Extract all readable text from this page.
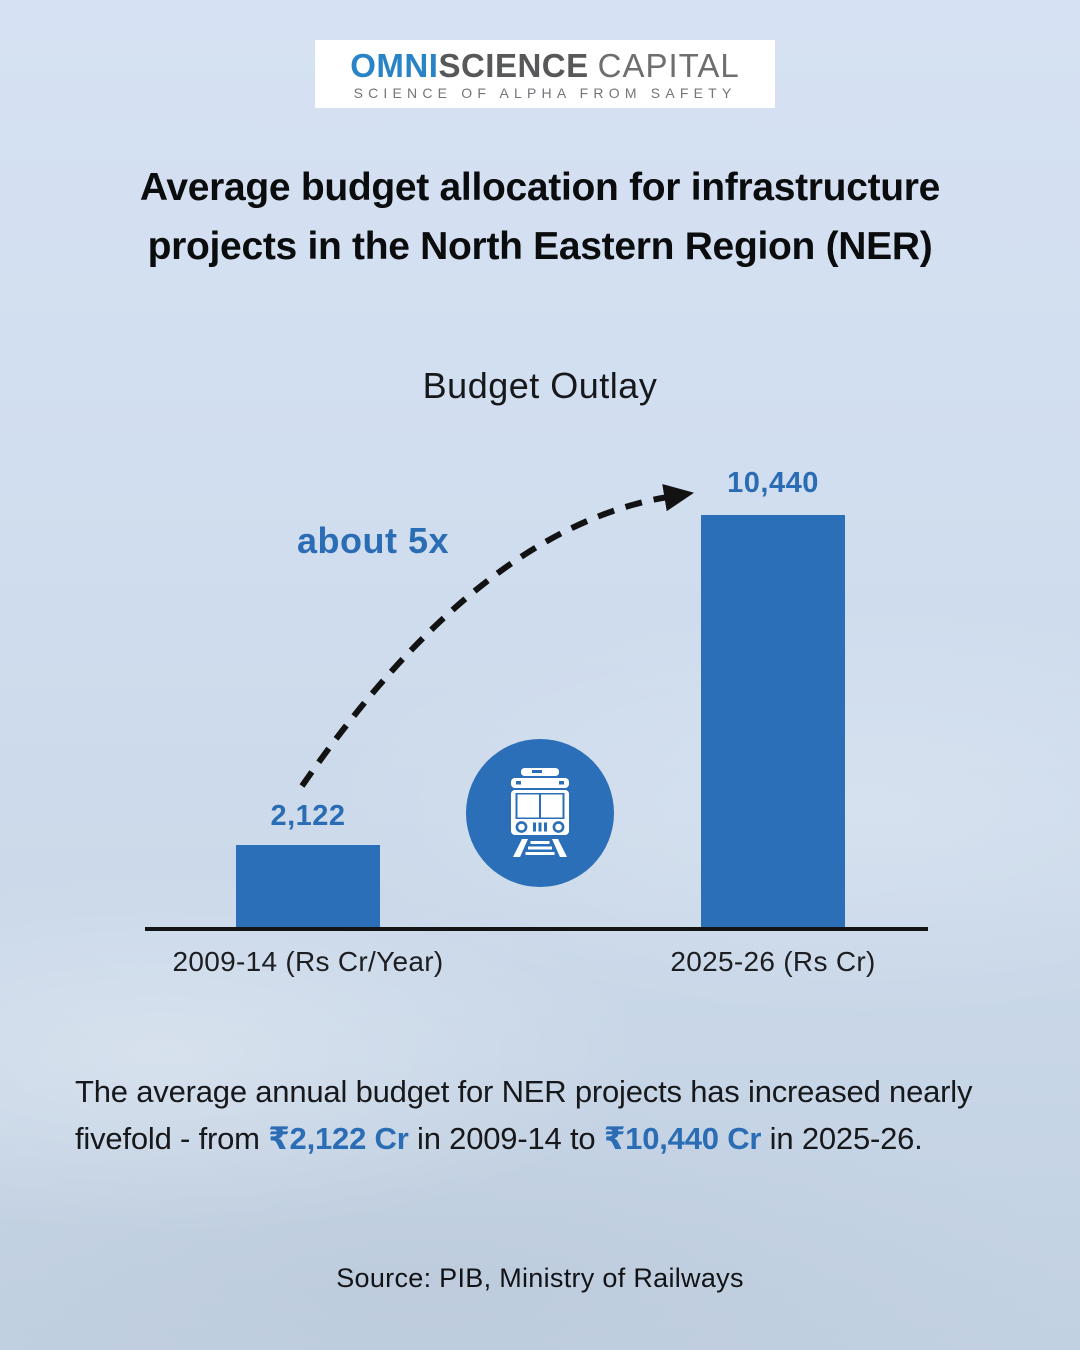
OMNISCIENCE CAPITAL
SCIENCE OF ALPHA FROM SAFETY
Average budget allocation for infrastructure
projects in the North Eastern Region (NER)
Budget Outlay
about 5x
2,122
10,440
2009-14 (Rs Cr/Year)	2025-26 (Rs Cr)

The average annual budget for NER projects has increased nearly fivefold - from ₹2,122 Cr in 2009-14 to ₹10,440 Cr in 2025-26.

Source: PIB, Ministry of Railways
